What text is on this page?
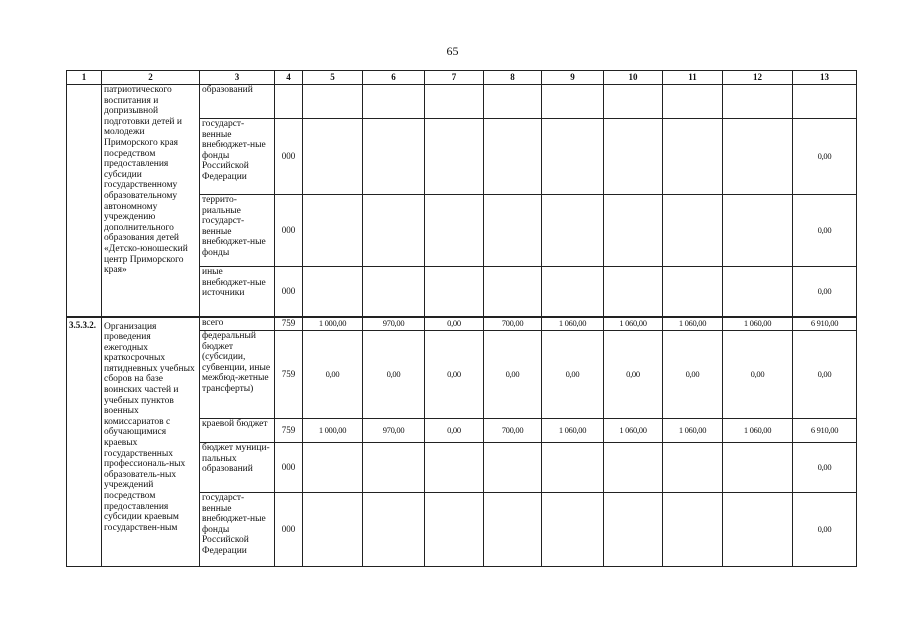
65
1	2	3	4	5	6	7	8	9	10	11	12	13
	патриотического воспитания и допризывной подготовки детей и молодежи Приморского края посредством предоставления субсидии государственному образовательному автономному учреждению дополнительного образования детей «Детско-юношеский центр Приморского края»	образований										
		государст-венные внебюджет-ные фонды Российской Федерации	000									0,00
		террито-риальные государст-венные внебюджет-ные фонды	000									0,00
		иные внебюджет-ные источники	000									0,00
3.5.3.2.	Организация проведения ежегодных краткосрочных пятидневных учебных сборов на базе воинских частей и учебных пунктов военных комиссариатов с обучающимися краевых государственных профессиональ-ных образователь-ных учреждений посредством предоставления субсидии краевым государствен-ным	всего	759	1 000,00	970,00	0,00	700,00	1 060,00	1 060,00	1 060,00	1 060,00	6 910,00
		федеральный бюджет (субсидии, субвенции, иные межбюд-жетные трансферты)	759	0,00	0,00	0,00	0,00	0,00	0,00	0,00	0,00	0,00
		краевой бюджет	759	1 000,00	970,00	0,00	700,00	1 060,00	1 060,00	1 060,00	1 060,00	6 910,00
		бюджет муници-пальных образований	000									0,00
		государст-венные внебюджет-ные фонды Российской Федерации	000									0,00
